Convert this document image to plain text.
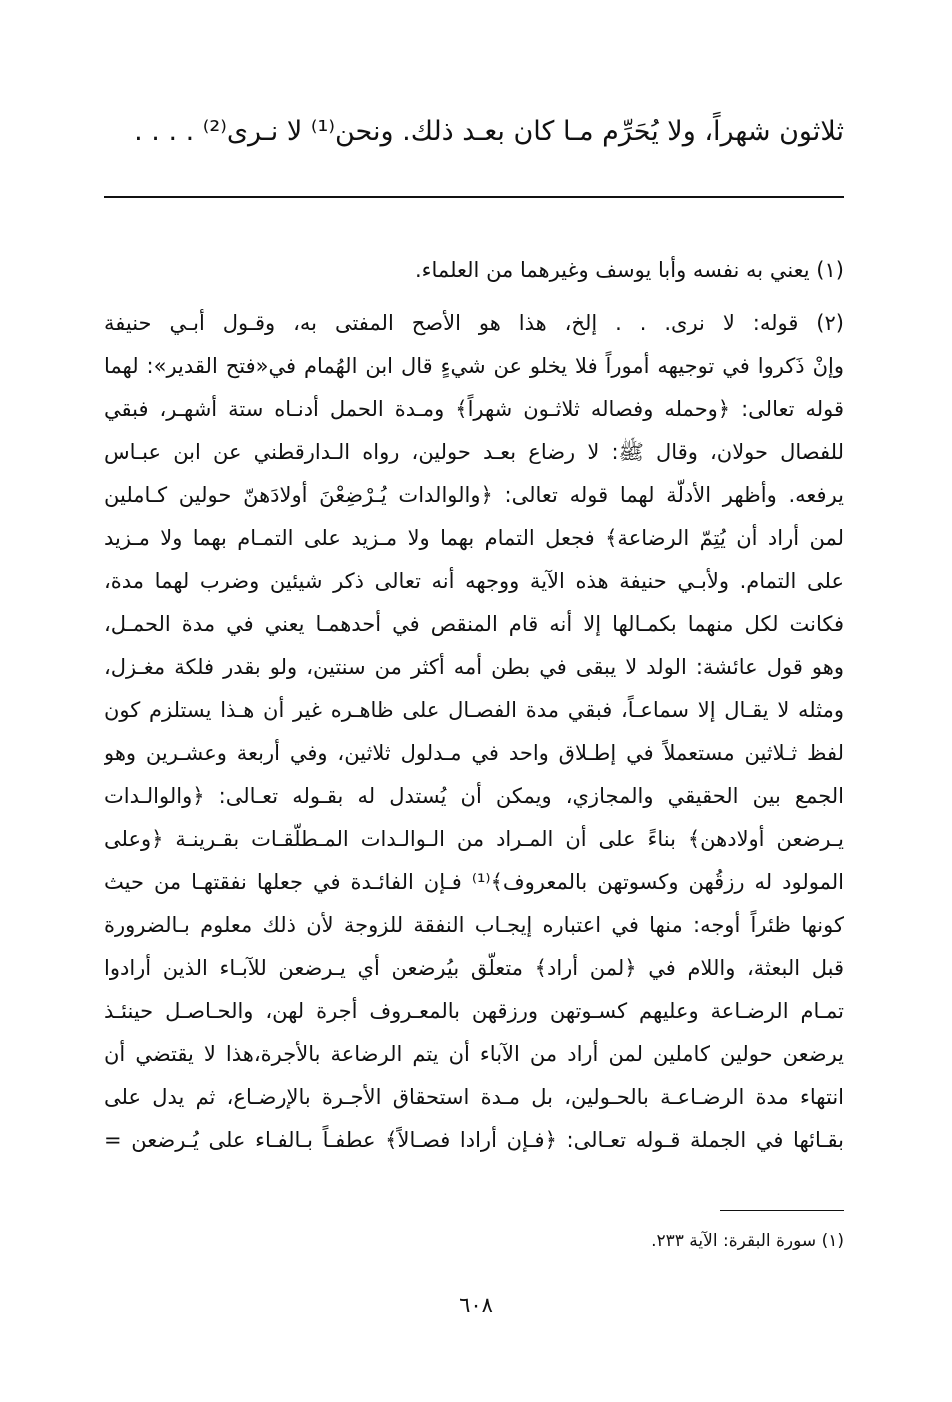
ثلاثون شهراً، ولا يُحَرِّم مـا كان بعـد ذلك. ونحن⁽¹⁾ لا نـرى⁽²⁾ . . . .
(١) يعني به نفسه وأبا يوسف وغيرهما من العلماء.
(٢) قوله: لا نرى. . . إلخ، هذا هو الأصح المفتى به، وقـول أبـي حنيفة
وإنْ ذَكروا في توجيهه أموراً فلا يخلو عن شيءٍ قال ابن الهُمام في«فتح القدير»: لهما
قوله تعالى: ﴿وحمله وفصاله ثلاثـون شهراً﴾ ومـدة الحمل أدنـاه ستة أشهـر، فبقي
للفصال حولان، وقال ﷺ: لا رضاع بعـد حولين، رواه الـدارقطني عن ابن عبـاس
يرفعه. وأظهر الأدلّة لهما قوله تعالى: ﴿والوالدات يُـرْضِعْنَ أولادَهنّ حولين كـاملين
لمن أراد أن يُتِمّ الرضاعة﴾ فجعل التمام بهما ولا مـزيد على التمـام بهما ولا مـزيد
على التمام. ولأبـي حنيفة هذه الآية ووجهه أنه تعالى ذكر شيئين وضرب لهما مدة،
فكانت لكل منهما بكمـالها إلا أنه قام المنقص في أحدهمـا يعني في مدة الحمـل،
وهو قول عائشة: الولد لا يبقى في بطن أمه أكثر من سنتين، ولو بقدر فلكة مغـزل،
ومثله لا يقـال إلا سماعـاً، فبقي مدة الفصـال على ظاهـره غير أن هـذا يستلزم كون
لفظ ثـلاثين مستعملاً في إطـلاق واحد في مـدلول ثلاثين، وفي أربعة وعشـرين وهو
الجمع بين الحقيقي والمجازي، ويمكن أن يُستدل له بقـوله تعـالى: ﴿والوالـدات
يـرضعن أولادهن﴾ بناءً على أن المـراد من الـوالـدات المـطلّقـات بقـرينـة ﴿وعلى
المولود له رزقُهن وكسوتهن بالمعروف﴾⁽¹⁾ فـإن الفائـدة في جعلها نفقتهـا من حيث
كونها ظئراً أوجه: منها في اعتباره إيجـاب النفقة للزوجة لأن ذلك معلوم بـالضرورة
قبل البعثة، واللام في ﴿لمن أراد﴾ متعلّق بيُرضعن أي يـرضعن للآبـاء الذين أرادوا
تمـام الرضـاعة وعليهم كسـوتهن ورزقهن بالمعـروف أجرة لهن، والحـاصـل حينئـذ
يرضعن حولين كاملين لمن أراد من الآباء أن يتم الرضاعة بالأجرة،هذا لا يقتضي أن
انتهاء مدة الرضـاعـة بالحـولين، بل مـدة استحقاق الأجـرة بالإرضـاع، ثم يدل على
بقـائها في الجملة قـوله تعـالى: ﴿فـإن أرادا فصـالاً﴾ عطفـاً بـالفـاء على يُـرضعن =
(١) سورة البقرة: الآية ٢٣٣.
٦٠٨
